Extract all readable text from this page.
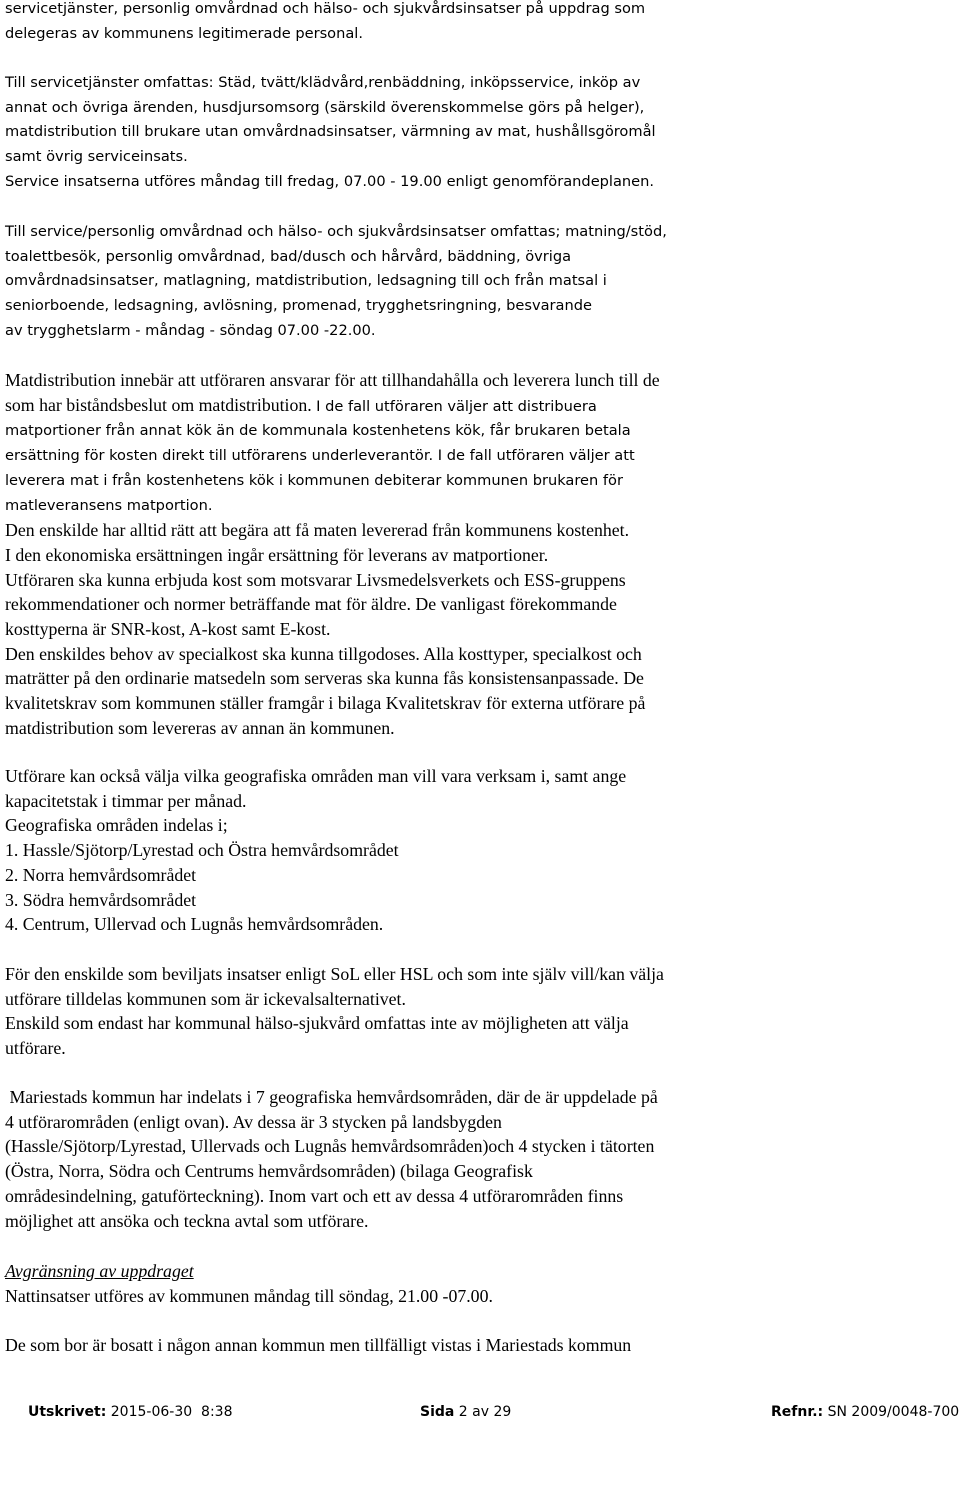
servicetjänster, personlig omvårdnad och hälso- och sjukvårdsinsatser på uppdrag som
delegeras av kommunens legitimerade personal.
Till servicetjänster omfattas: Städ, tvätt/klädvård,renbäddning, inköpsservice, inköp av
annat och övriga ärenden, husdjursomsorg (särskild överenskommelse görs på helger),
matdistribution till brukare utan omvårdnadsinsatser, värmning av mat, hushållsgöromål
samt övrig serviceinsats.
Service insatserna utföres måndag till fredag, 07.00 - 19.00 enligt genomförandeplanen.
Till service/personlig omvårdnad och hälso- och sjukvårdsinsatser omfattas; matning/stöd,
toalettbesök, personlig omvårdnad, bad/dusch och hårvård, bäddning, övriga
omvårdnadsinsatser, matlagning, matdistribution, ledsagning till och från matsal i
seniorboende, ledsagning, avlösning, promenad, trygghetsringning, besvarande
av trygghetslarm - måndag - söndag 07.00 -22.00.
Matdistribution innebär att utföraren ansvarar för att tillhandahålla och leverera lunch till de
som har biståndsbeslut om matdistribution. I de fall utföraren väljer att distribuera
matportioner från annat kök än de kommunala kostenhetens kök, får brukaren betala
ersättning för kosten direkt till utförarens underleverantör. I de fall utföraren väljer att
leverera mat i från kostenhetens kök i kommunen debiterar kommunen brukaren för
matleveransens matportion.
Den enskilde har alltid rätt att begära att få maten levererad från kommunens kostenhet.
I den ekonomiska ersättningen ingår ersättning för leverans av matportioner.
Utföraren ska kunna erbjuda kost som motsvarar Livsmedelsverkets och ESS-gruppens
rekommendationer och normer beträffande mat för äldre. De vanligast förekommande
kosttyperna är SNR-kost, A-kost samt E-kost.
Den enskildes behov av specialkost ska kunna tillgodoses. Alla kosttyper, specialkost och
maträtter på den ordinarie matsedeln som serveras ska kunna fås konsistensanpassade. De
kvalitetskrav som kommunen ställer framgår i bilaga Kvalitetskrav för externa utförare på
matdistribution som levereras av annan än kommunen.
Utförare kan också välja vilka geografiska områden man vill vara verksam i, samt ange
kapacitetstak i timmar per månad.
Geografiska områden indelas i;
1. Hassle/Sjötorp/Lyrestad och Östra hemvårdsområdet
2. Norra hemvårdsområdet
3. Södra hemvårdsområdet
4. Centrum, Ullervad och Lugnås hemvårdsområden.
För den enskilde som beviljats insatser enligt SoL eller HSL och som inte själv vill/kan välja
utförare tilldelas kommunen som är ickevalsalternativet.
Enskild som endast har kommunal hälso-sjukvård omfattas inte av möjligheten att välja
utförare.
Mariestads kommun har indelats i 7 geografiska hemvårdsområden, där de är uppdelade på
4 utförarområden (enligt ovan). Av dessa är 3 stycken på landsbygden
(Hassle/Sjötorp/Lyrestad, Ullervads och Lugnås hemvårdsområden)och 4 stycken i tätorten
(Östra, Norra, Södra och Centrums hemvårdsområden) (bilaga Geografisk
områdesindelning, gatuförteckning). Inom vart och ett av dessa 4 utförarområden finns
möjlighet att ansöka och teckna avtal som utförare.
Avgränsning av uppdraget
Nattinsatser utföres av kommunen måndag till söndag, 21.00 -07.00.
De som bor är bosatt i någon annan kommun men tillfälligt vistas i Mariestads kommun

Utskrivet: 2015-06-30  8:38

	Sida 2 av 29

	Refnr.: SN 2009/0048-700
